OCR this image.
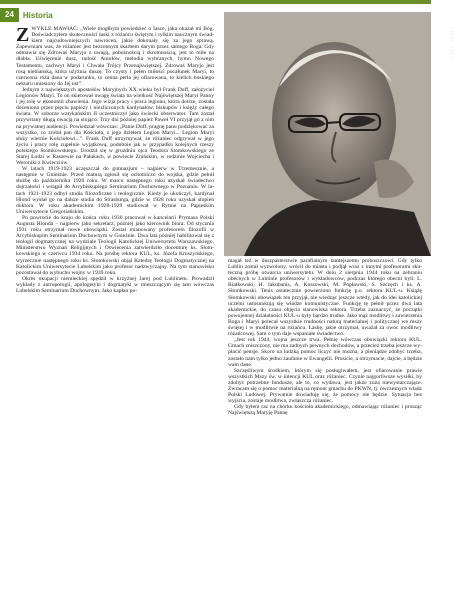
24	Historia
FOT. HULI

ZWYKLE MAWIAĆ: „Wiele mogłbym powiedzieć o Iasce, jaka okazał mi Bóg. Doświadczyłem skuteczności łaski z różańcu świętym i tylkim naocznym świadkiem najcudowniejszych nawróceń, jakie dokonały się za jego sprawą. Zapewniam was, że różaniec jest bezcennym skarbem darym przez samego Boga. Gdy odmawia się Zdrowaś Maryjo z uwagą, pobożnością i skromnością, jest to miłe na dłabla. Uświęcenie dusz, radość Aniołów, melodia wybranych, hymn Nowego Testamentu, zachwyt Maryi i Chwała Trójcy Przenajświętszej. Zdrowaś Maryjo jest rosą niebiańską, która użyźnia duszę. To czysty i pełen miłości pocałunek Maryi, to czerwona róża dana w podarunku, to cenna perła jej ofiarowana, to kielich boskiego nektaru uniesiony do Jej ust”.

Jednym z największych apostołów Maryjnych XX wieku był Frank Duff, założyciel Legionów Maryi. To on skierował uwagę świata na wielkość Najświętszej Maryi Panny i jej rolę w ekonomii zbawienia. Jego wizja pracy i praca legionu, która dotrze, została doceniona przez pięciu papieży i niezliczonych kardynałów, biskupów i księży całego świata. W soborze watykańskim II uczestniczył jako świecki obserwator. Tam został przywitany długą owacją na stojąco. Trzy dni później papież Paweł VI przyjął go z nim na prywatnej audiencji. Powiedział wówczas: „Panie Duff, pragnę panu podziękować za wszystko, co zrobił pan dla Kościoła, z jego dziełem Legion Maryi... Legion Maryi służy wiernie Kościołowi...”. Frank Duff utrzymywał, że różaniec odgrywał w jego życiu i pracy rolę zupełnie wyjątkową, podobnie jak w przypadku kolejnych rzeszy polskiego Stomkowskiego. Urodził się w gruzdniu ojca Teodora Stomkowskiego ze Starej Łodzi w Raszewie na Pałukach, w powiecie Znińskim, w rodzinie Wojciecha i Weroniki z Kwiecziów.

W latach 1919-1923 uczęszczał do gimnazjum – najpierw w Trzemesznie, a następnie w Gnieźnie. Przed maturą zgłosił się ochotniczo do wojska, gdzie pełnił służbę do października 1920 roku. W marcu następnego roku uzyskał świadectwo dojrzałości i wstąpił do Arcybiskupiego Seminarium Duchownego w Poznaniu. W latach 1921-1923 odbył studia filozoficzne i teologiczne. Kiedy je ukończył, kardynał Hlond wysłał go na dalsze studia do Strasburga, gdzie w 1928 roku uzyskał stopień doktora. W roku akademickim 1928-1929 studiował w Rymie na Papieskim Uniwersytecie Gregoriańskim.

Po powrocie do kraju do końca roku 1930 pracował w kancelarii Prymasa Polski Augusta Hlonda – najpierw jako sekretarz, później jako kierownik biura. Od stycznia 1931 roku otrzymał nowe obowiązki. Został mianowany profesorem filozofii w Arcybiskupim Seminarium Duchownym w Gnieźnie. Dwa lata później habilitował się z teologii dogmatycznej na wydziale Teologii Katolickiej Uniwersytetu Warszawskiego. Ministerstwo Wyznań Religijnych i Oświecenia zatwierdziło docenturę ks. Słomkowskiego w czerwcu 1934 roku. Na prośbę rektora KUL, ks. Józefa Kruszyńskiego, wyrzecznie następnego roku ks. Słomkowski objął Katedrę Teologii Dogmatycznej na Katolickim Uniwersytecie Lubelskim jako profesor nadzwyczajny. Na tym stanowisku pozostawał do wybuchu wojny w 1939 roku.

Okres okupacji niemieckiej spędził w krzyżnej Jarej pod Lublinem. Prowadził wykłady z antropologii, apologetyki i dogmatyki w mieszczącym się tam wówczas Lubelskim Seminarium Duchownym. Jako kapłan po-

magał też w duszpasterstwie parafialnym tamtejszemu proboszczowi. Gdy tylko Lublin został wyzwolony, wrócił do miasta i podjął wraz z innymi profesorami skuteczną próbę otwarcia uniwersytetu. W dniu 2 sierpnia 1944 roku na zebraniu obecnych w Lublinie profesorów i wykładowców, podczas którego obecni byli: L. Białkowski, H. Jakubanis, A. Kossowski, M. Popławski, S. Szczęch i ks. A. Słomkowski. Tenis ostatecznie powierzono funkcję p.o. rektora KUL-u. Książę Słomkowski obowiązek ten przyjął, nie wiedząc jeszcze wtedy, jak do idei katolickiej uczelni ustosunkują się władze komunistyczne. Funkcję tę pełnił przez dwa lata akademickie, do czasu objęcia stanowiska rektora. Trzeba zaznaczyć, że początki powojennej działalności KUL-u były bardzo trudne. Jako mąż modlitwy i zawierzenia Boga i Maryi polecał wszystkie trudności naturą materialnej i politycznej we mszy świętej i w modlitwie na różańcu. Łaskę, jakie otrzymał, uważał za owoc modlitwy różańcowej. Sam o tym daje wspaniałe świadectwo.

„Jest rok 1944, wojna jeszcze trwa. Pełnię wówczas obowiązki rektora KUL. Gmach zniszczony, nie ma zadnych pewnych dochodów, a przecież trzeba jeszcze wypłacić pensje. Skoro na ludzką pomoc liczyć nie można, a pieniądze zdobyć trzeba, zostało nam tylko jedno zaufanie w Ewangelii. Prosicie, a otrzymacie, dajcie, a będzie wam dane.

Szczęśliwym środkiem, którym się posługiwałem, jest ofiarowanie prawie wszystkich Mszy św. w intencji KUL oraz różaniec. Czynie najgorliwsze wysiłki, by zdobyć potrzebne fundusze, ale to, co wydawa, jest jakże zuża niewystarczające. Zwracam się o pomoc materialną na ręmont gmachu do PKWN, tj. ówczesnych władz Polski Ludowej. Prywatnie dowiaduję się, że pomocy nie będzie. Sytuacja bez wyjścia, zostaje modlitwa, zwłaszcza różaniec.

Gdy byłem raz na chórku kościoła akademickiego, odmawiając różaniec i prosząc Najświętszą Maryję Pannę
